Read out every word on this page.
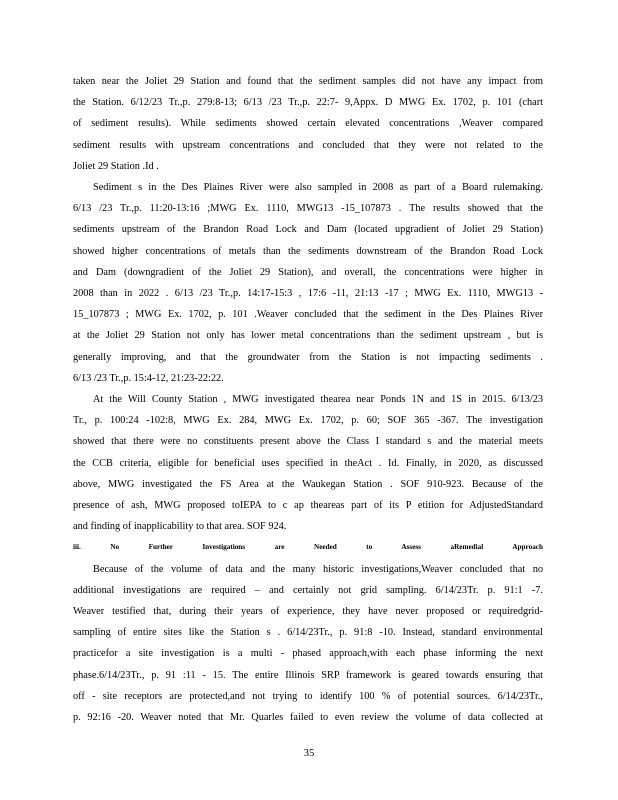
taken near the Joliet 29 Station and found that the sediment samples did not have any impact from

the Station. 6/12/23 Tr.,p. 279:8-13; 6/13 /23 Tr.,p. 22:7- 9,Appx. D MWG Ex. 1702, p. 101 (chart

of sediment results). While sediments showed certain elevated concentrations ,Weaver compared

sediment results with upstream concentrations and concluded that they were not related to the

Joliet 29 Station .Id .

Sediment s in the Des Plaines River were also sampled in 2008 as part of a Board rulemaking.

6/13 /23 Tr.,p. 11:20-13:16 ;MWG Ex. 1110, MWG13 -15_107873 . The results showed that the

sediments upstream of the Brandon Road Lock and Dam (located upgradient of Joliet 29 Station)

showed higher concentrations of metals than the sediments downstream of the Brandon Road Lock

and Dam (downgradient of the Joliet 29 Station), and overall, the concentrations were higher in

2008 than in 2022 . 6/13 /23 Tr.,p. 14:17-15:3 , 17:6 -11, 21:13 -17 ; MWG Ex. 1110, MWG13 -

15_107873 ; MWG Ex. 1702, p. 101 .Weaver concluded that the sediment in the Des Plaines River

at the Joliet 29 Station not only has lower metal concentrations than the sediment upstream , but is

generally improving, and that the groundwater from the Station is not impacting sediments .

6/13 /23 Tr.,p. 15:4-12, 21:23-22:22.

At the Will County Station , MWG investigated thearea near Ponds 1N and 1S in 2015. 6/13/23

Tr., p. 100:24 -102:8, MWG Ex. 284, MWG Ex. 1702, p. 60; SOF 365 -367. The investigation

showed that there were no constituents present above the Class I standard s and the material meets

the CCB criteria, eligible for beneficial uses specified in theAct . Id. Finally, in 2020, as discussed

above, MWG investigated the FS Area at the Waukegan Station . SOF 910-923. Because of the

presence of ash, MWG proposed toIEPA to c ap theareas part of its P etition for AdjustedStandard

and finding of inapplicability to that area. SOF 924.

iii. No Further Investigations are Needed to Assess aRemedial Approach

Because of the volume of data and the many historic investigations,Weaver concluded that no

additional investigations are required – and certainly not grid sampling. 6/14/23Tr. p. 91:1 -7.

Weaver testified that, during their years of experience, they have never proposed or requiredgrid-

sampling of entire sites like the Station s . 6/14/23Tr., p. 91:8 -10. Instead, standard environmental

practicefor a site investigation is a multi - phased approach,with each phase informing the next

phase.6/14/23Tr., p. 91 :11 - 15. The entire Illinois SRP framework is geared towards ensuring that

off - site receptors are protected,and not trying to identify 100 % of potential sources. 6/14/23Tr.,

p. 92:16 -20. Weaver noted that Mr. Quarles failed to even review the volume of data collected at

35
